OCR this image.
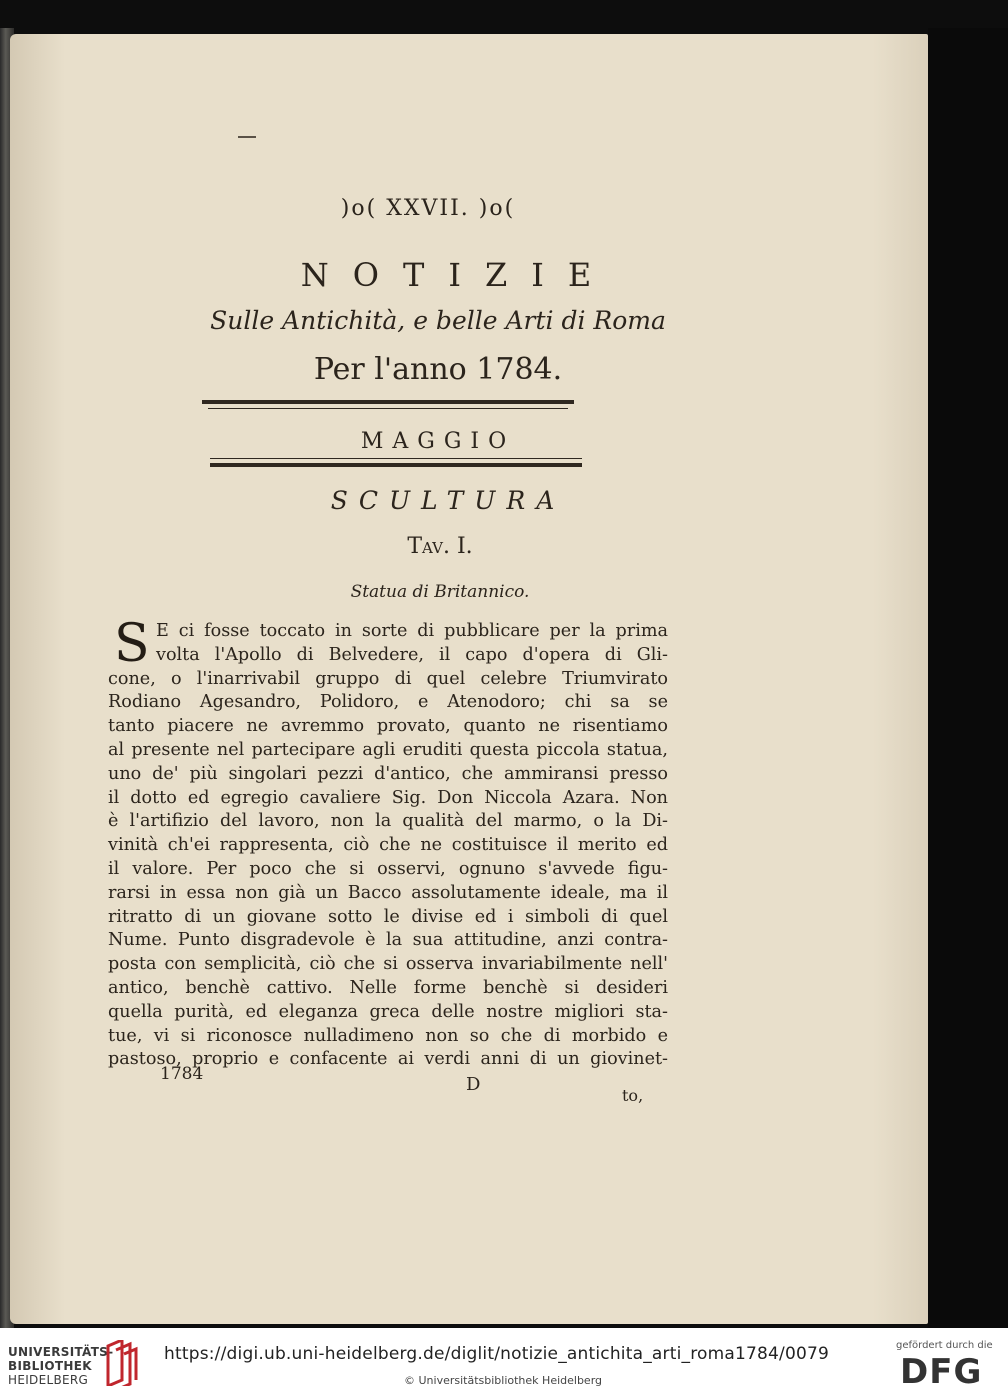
)o( XXVII. )o(
NOTIZIE
Sulle Antichità, e belle Arti di Roma
Per l'anno 1784.
MAGGIO
SCULTURA
Tav. I.
Statua di Britannico.
S E ci fosse toccato in sorte di pubblicare per la prima
volta l'Apollo di Belvedere, il capo d'opera di Gli-
cone, o l'inarrivabil gruppo di quel celebre Triumvirato
Rodiano Agesandro, Polidoro, e Atenodoro; chi sa se
tanto piacere ne avremmo provato, quanto ne risentiamo
al presente nel partecipare agli eruditi questa piccola statua,
uno de' più singolari pezzi d'antico, che ammiransi presso
il dotto ed egregio cavaliere Sig. Don Niccola Azara. Non
è l'artifizio del lavoro, non la qualità del marmo, o la Di-
vinità ch'ei rappresenta, ciò che ne costituisce il merito ed
il valore. Per poco che si osservi, ognuno s'avvede figu-
rarsi in essa non già un Bacco assolutamente ideale, ma il
ritratto di un giovane sotto le divise ed i simboli di quel
Nume. Punto disgradevole è la sua attitudine, anzi contra-
posta con semplicità, ciò che si osserva invariabilmente nell'
antico, benchè cattivo. Nelle forme benchè si desideri
quella purità, ed eleganza greca delle nostre migliori sta-
tue, vi si riconosce nulladimeno non so che di morbido e
pastoso, proprio e confacente ai verdi anni di un giovinet-
1784	D
to,
UNIVERSITÄTS-
BIBLIOTHEK
HEIDELBERG
https://digi.ub.uni-heidelberg.de/diglit/notizie_antichita_arti_roma1784/0079
© Universitätsbibliothek Heidelberg
gefördert durch die
DFG
